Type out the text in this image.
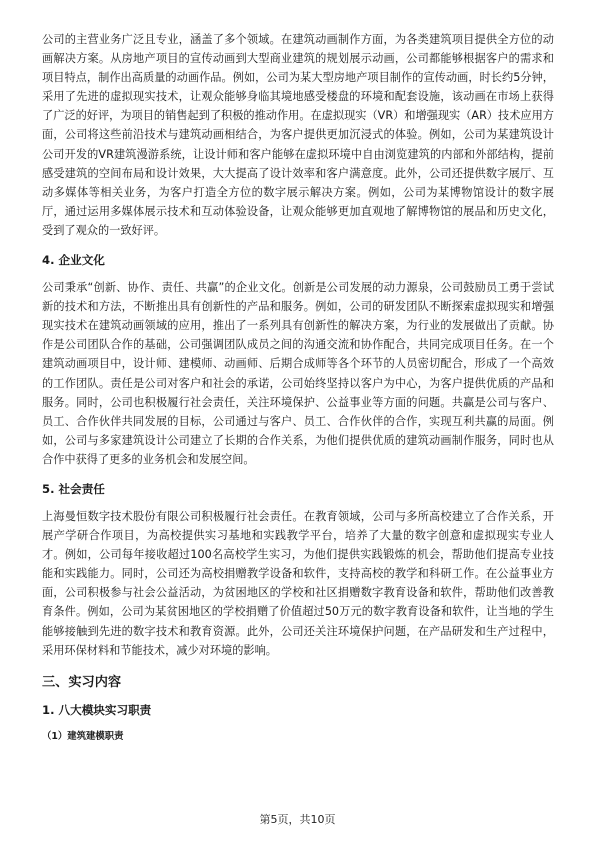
公司的主营业务广泛且专业，涵盖了多个领域。在建筑动画制作方面，为各类建筑项目提供全方位的动画解决方案。从房地产项目的宣传动画到大型商业建筑的规划展示动画，公司都能够根据客户的需求和项目特点，制作出高质量的动画作品。例如，公司为某大型房地产项目制作的宣传动画，时长约5分钟，采用了先进的虚拟现实技术，让观众能够身临其境地感受楼盘的环境和配套设施，该动画在市场上获得了广泛的好评，为项目的销售起到了积极的推动作用。在虚拟现实（VR）和增强现实（AR）技术应用方面，公司将这些前沿技术与建筑动画相结合，为客户提供更加沉浸式的体验。例如，公司为某建筑设计公司开发的VR建筑漫游系统，让设计师和客户能够在虚拟环境中自由浏览建筑的内部和外部结构，提前感受建筑的空间布局和设计效果，大大提高了设计效率和客户满意度。此外，公司还提供数字展厅、互动多媒体等相关业务，为客户打造全方位的数字展示解决方案。例如，公司为某博物馆设计的数字展厅，通过运用多媒体展示技术和互动体验设备，让观众能够更加直观地了解博物馆的展品和历史文化，受到了观众的一致好评。

4. 企业文化

公司秉承“创新、协作、责任、共赢”的企业文化。创新是公司发展的动力源泉，公司鼓励员工勇于尝试新的技术和方法，不断推出具有创新性的产品和服务。例如，公司的研发团队不断探索虚拟现实和增强现实技术在建筑动画领域的应用，推出了一系列具有创新性的解决方案，为行业的发展做出了贡献。协作是公司团队合作的基础，公司强调团队成员之间的沟通交流和协作配合，共同完成项目任务。在一个建筑动画项目中，设计师、建模师、动画师、后期合成师等各个环节的人员密切配合，形成了一个高效的工作团队。责任是公司对客户和社会的承诺，公司始终坚持以客户为中心，为客户提供优质的产品和服务。同时，公司也积极履行社会责任，关注环境保护、公益事业等方面的问题。共赢是公司与客户、员工、合作伙伴共同发展的目标，公司通过与客户、员工、合作伙伴的合作，实现互利共赢的局面。例如，公司与多家建筑设计公司建立了长期的合作关系，为他们提供优质的建筑动画制作服务，同时也从合作中获得了更多的业务机会和发展空间。

5. 社会责任

上海曼恒数字技术股份有限公司积极履行社会责任。在教育领域，公司与多所高校建立了合作关系，开展产学研合作项目，为高校提供实习基地和实践教学平台，培养了大量的数字创意和虚拟现实专业人才。例如，公司每年接收超过100名高校学生实习，为他们提供实践锻炼的机会，帮助他们提高专业技能和实践能力。同时，公司还为高校捐赠教学设备和软件，支持高校的教学和科研工作。在公益事业方面，公司积极参与社会公益活动，为贫困地区的学校和社区捐赠数字教育设备和软件，帮助他们改善教育条件。例如，公司为某贫困地区的学校捐赠了价值超过50万元的数字教育设备和软件，让当地的学生能够接触到先进的数字技术和教育资源。此外，公司还关注环境保护问题，在产品研发和生产过程中，采用环保材料和节能技术，减少对环境的影响。

三、实习内容
1. 八大模块实习职责
（1）建筑建模职责
第5页，共10页
